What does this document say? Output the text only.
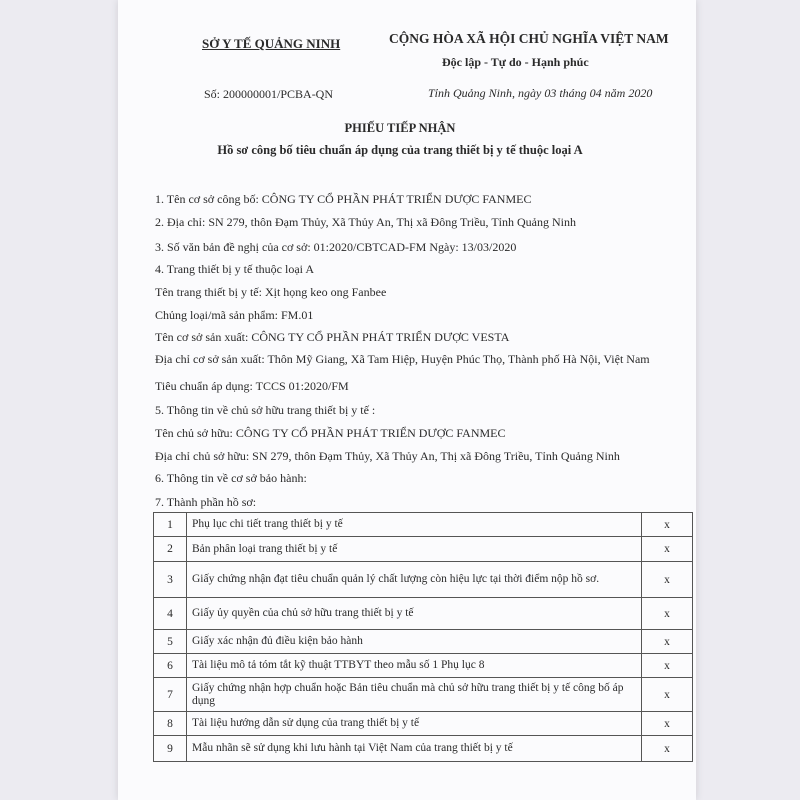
SỞ Y TẾ QUẢNG NINH	CỘNG HÒA XÃ HỘI CHỦ NGHĨA VIỆT NAM
Độc lập - Tự do - Hạnh phúc
Số: 200000001/PCBA-QN	Tỉnh Quảng Ninh, ngày 03 tháng 04 năm 2020
PHIẾU TIẾP NHẬN
Hồ sơ công bố tiêu chuẩn áp dụng của trang thiết bị y tế thuộc loại A
1. Tên cơ sở công bố: CÔNG TY CỔ PHẦN PHÁT TRIỂN DƯỢC FANMEC
2. Địa chỉ: SN 279, thôn Đạm Thủy, Xã Thủy An, Thị xã Đông Triều, Tỉnh Quảng Ninh
3. Số văn bản đề nghị của cơ sở: 01:2020/CBTCAD-FM Ngày: 13/03/2020
4. Trang thiết bị y tế thuộc loại A
Tên trang thiết bị y tế: Xịt họng keo ong Fanbee
Chủng loại/mã sản phẩm: FM.01
Tên cơ sở sản xuất: CÔNG TY CỔ PHẦN PHÁT TRIỂN DƯỢC VESTA
Địa chỉ cơ sở sản xuất: Thôn Mỹ Giang, Xã Tam Hiệp, Huyện Phúc Thọ, Thành phố Hà Nội, Việt Nam
Tiêu chuẩn áp dụng: TCCS 01:2020/FM
5. Thông tin về chủ sở hữu trang thiết bị y tế :
Tên chủ sở hữu: CÔNG TY CỔ PHẦN PHÁT TRIỂN DƯỢC FANMEC
Địa chỉ chủ sở hữu: SN 279, thôn Đạm Thủy, Xã Thủy An, Thị xã Đông Triều, Tỉnh Quảng Ninh
6. Thông tin về cơ sở bảo hành:
7. Thành phần hồ sơ:
1	Phụ lục chi tiết trang thiết bị y tế	x
2	Bản phân loại trang thiết bị y tế	x
3	Giấy chứng nhận đạt tiêu chuẩn quản lý chất lượng còn hiệu lực tại thời điểm nộp hồ sơ.	x
4	Giấy ủy quyền của chủ sở hữu trang thiết bị y tế	x
5	Giấy xác nhận đủ điều kiện bảo hành	x
6	Tài liệu mô tả tóm tắt kỹ thuật TTBYT theo mẫu số 1 Phụ lục 8	x
7	Giấy chứng nhận hợp chuẩn hoặc Bản tiêu chuẩn mà chủ sở hữu trang thiết bị y tế công bố áp dụng	x
8	Tài liệu hướng dẫn sử dụng của trang thiết bị y tế	x
9	Mẫu nhãn sẽ sử dụng khi lưu hành tại Việt Nam của trang thiết bị y tế	x
